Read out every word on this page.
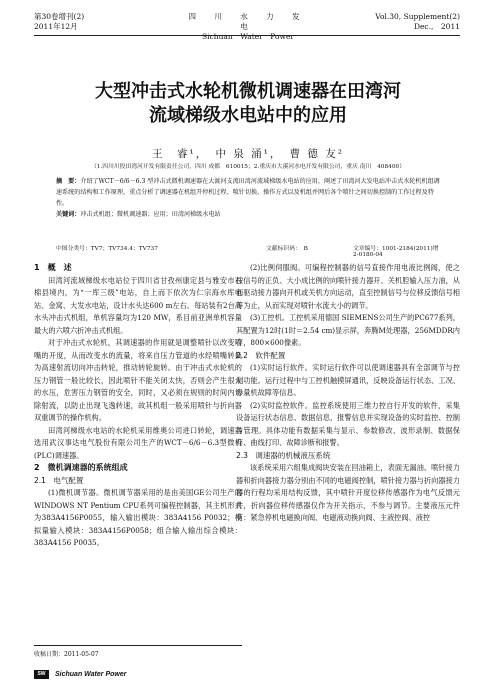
第30卷增刊(2)
2011年12月
四 川 水 力 发 电
Sichuan　Water　Power
Vol.30, Supplement(2)
Dec.,　2011
大型冲击式水轮机微机调速器在田湾河
流域梯级水电站中的应用
王　睿¹，　中 泉 涌¹，　曹 德 友²
（1.四川川投田湾河开发有限责任公司，四川 成都　610015；2.重庆市大溪河水电开发有限公司，重庆 南川　408400）

摘　要：介绍了WCT－6/6－6.3 型冲击式微机调速器在大渡河支流田湾河流域梯级水电站的应用，阐述了田湾河大发电站冲击式水轮机机组调速系统的结构和工作原理，重点分析了调速器在机组开停机过程、喷针切换、操作方式以及机组并网后各个喷针之间切换控制的工作过程及特性。

关键词：冲击式机组；微机调速器；应用；田湾河梯级水电站

中图分类号：TV7；TV734.4；TV737	文献标识码：　B	文章编号：1001-2184(2011)增2-0180-04

1　概　述

田湾河流域梯级水电站位于四川省甘孜州康定县与雅安市石棉县境内，为“一库三级”电站，自上而下依次为仁宗海水库电站、金窝、大发水电站，设计水头达600 m左右。每站装有2台高水头冲击式机组，单机容量均为120 MW，系目前亚洲单机容量最大的六喷六折冲击式机组。

对于冲击式水轮机，其调速器的作用就是调整喷针以改变喷嘴的开度，从而改变水的流量，将来自压力管道的水经喷嘴转换为高速射流切向冲击转轮，推动转轮旋转。由于冲击式水轮机的压力钢管一般比较长，因此喷针不能关闭太快，否则会产生很大的水压，危害压力钢管的安全，同时，又必须在规则的时间内切除射流，以防止出现飞逸转速，故其机组一般采用喷针与折向器双重调节的操作机构。

田湾河梯级水电站的水轮机采用维奥公司进口转轮，调速器选用武汉事达电气股份有限公司生产的WCT－6/6－6.3型微机(PLC)调速器。

2　微机调速器的系统组成

2.1　电气配置

(1)微机调节器。微机调节器采用的是由美国GE公司生产的WINDOWS NT Pentium CPU系列可编程控制器，其主机形式为383A4156P0055，输入输出模块：383A4156 P0032；模拟量输入模块：383A4156P0058；组合输入输出综合模块：383A4156 P0035。

(2)比例伺服阀。可编程控制器的信号直接作用电液比例阀，使之按信号的正负、大小成比例的向喷针接力器开、关机腔输入压力油，从而驱动接力器向开机或关机方向运动，直至控制信号与位移反馈信号相等为止，从而实现对喷针水流大小的调节。

(3)工控机。工控机采用德国 SIEMENS公司生产的PC677系列，其配置为12时(1时＝2.54 cm)显示屏，奔腾M处理器，256MDDR内存，800×600像素。

2.2　软件配置

(1)实时运行软件。实时运行软件可以使调速器具有全部调节与控制功能。运行过程中与工控机触摸屏通讯，反映设备运行状态、工况、参量机故障等信息。

(2)实时监控软件。监控系统使用三维力控自行开发的软件，采集设备运行状态信息、数据信息，报警信息并实现设备的实时监控、控制与管理。具体功能有数据采集与显示、参数修改、波形录制、数据保存、曲线打印、故障诊断和报警。

2.3　调速器的机械液压系统

该系统采用六组集成阀块安装在回油箱上，表面无漏油。喷针接力器和折向器接力器分别由不同的电磁阀控制，喷针接力器与折向器接力器的行程均采用结构反馈，其中喷针开度位移传感器作为电气反馈元件，折向器位移传感器仅作为开关指示，不参与调节。主要液压元件有：紧急停机电磁换向阀、电磁液动换向阀、主液控阀、液控

收稿日期：2011-05-07
SW	Sichuan Water Power
